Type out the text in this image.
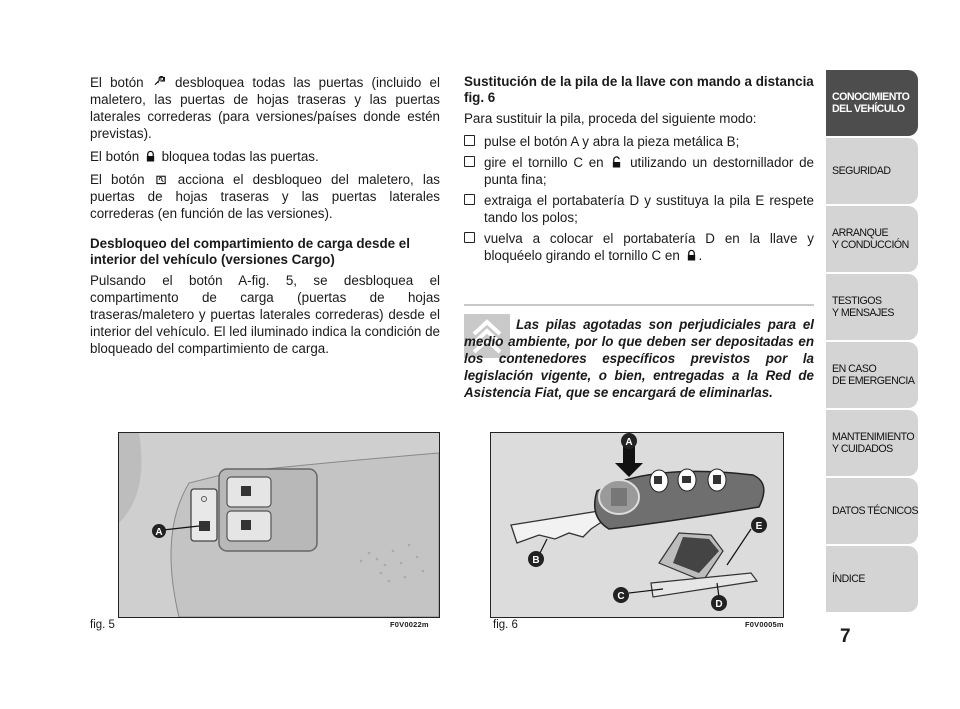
El botón desbloquea todas las puertas (incluido el maletero, las puertas de hojas traseras y las puertas laterales correderas (para versiones/países donde estén previstas).

El botón bloquea todas las puertas.

El botón acciona el desbloqueo del maletero, las puertas de hojas traseras y las puertas laterales correderas (en función de las versiones).

Desbloqueo del compartimiento de carga desde el interior del vehículo (versiones Cargo)

Pulsando el botón A-fig. 5, se desbloquea el compartimento de carga (puertas de hojas traseras/maletero y puertas laterales correderas) desde el interior del vehículo. El led iluminado indica la condición de bloqueado del compartimiento de carga.

Sustitución de la pila de la llave con mando a distancia fig. 6

Para sustituir la pila, proceda del siguiente modo:

pulse el botón A y abra la pieza metálica B;
gire el tornillo C en utilizando un destornillador de punta fina;
extraiga el portabatería D y sustituya la pila E respete tando los polos;
vuelva a colocar el portabatería D en la llave y bloquéelo girando el tornillo C en .
Las pilas agotadas son perjudiciales para el medio ambiente, por lo que deben ser depositadas en los contenedores específicos previstos por la legislación vigente, o bien, entregadas a la Red de Asistencia Fiat, que se encargará de eliminarlas.
A
fig. 5	F0V0022m
A
E
B
C
D
fig. 6	F0V0005m
CONOCIMIENTO
DEL VEHÍCULO
SEGURIDAD
ARRANQUE
Y CONDUCCIÓN
TESTIGOS
Y MENSAJES
EN CASO
DE EMERGENCIA
MANTENIMIENTO
Y CUIDADOS
DATOS TÉCNICOS
ÍNDICE
7
